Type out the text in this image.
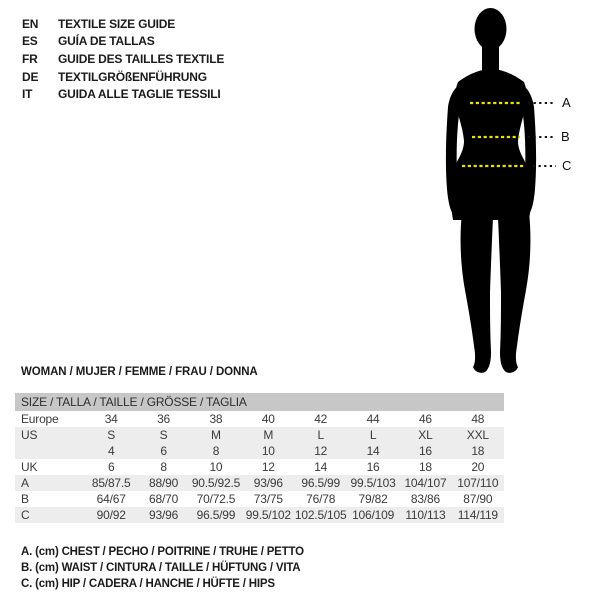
EN	TEXTILE SIZE GUIDE
ES	GUÍA DE TALLAS
FR	GUIDE DES TAILLES TEXTILE
DE	TEXTILGRÖßENFÜHRUNG
IT	GUIDA ALLE TAGLIE TESSILI
A
B
C
WOMAN / MUJER / FEMME / FRAU / DONNA
SIZE / TALLA / TAILLE / GRÖSSE / TAGLIA
Europe	34	36	38	40	42	44	46	48
US	S	S	M	M	L	L	XL	XXL
4	6	8	10	12	14	16	18
UK	6	8	10	12	14	16	18	20
A	85/87.5	88/90	90.5/92.5	93/96	96.5/99 99.5/103 104/107 107/110
B	64/67	68/70	70/72.5	73/75	76/78	79/82	83/86	87/90
C	90/92	93/96	96.5/99 99.5/102 102.5/105 106/109 110/113	114/119
A. (cm) CHEST / PECHO / POITRINE / TRUHE / PETTO
B. (cm) WAIST / CINTURA / TAILLE / HÜFTUNG / VITA
C. (cm) HIP / CADERA / HANCHE / HÜFTE / HIPS
